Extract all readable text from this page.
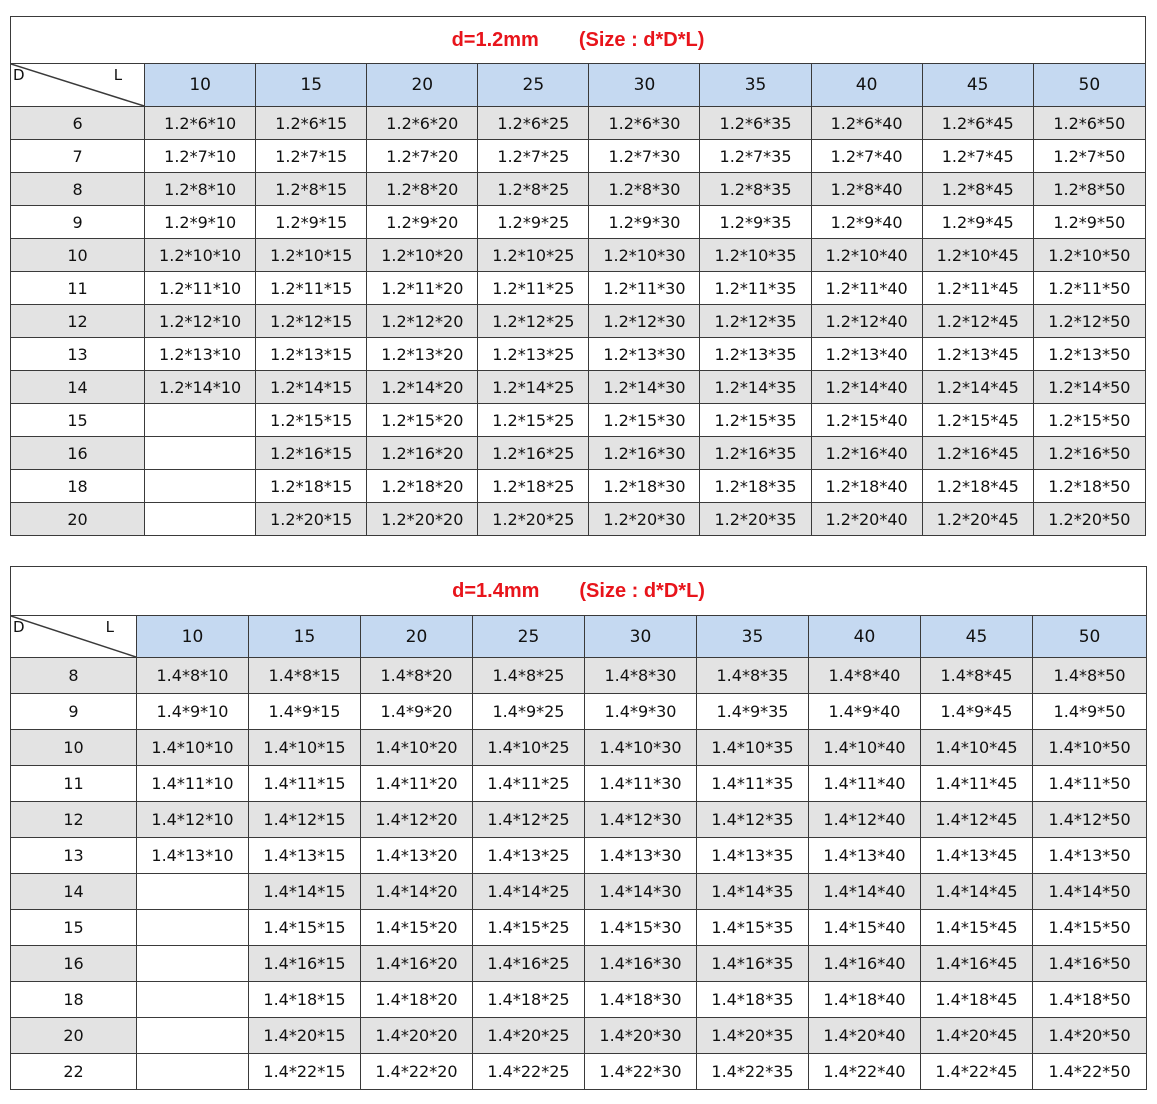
d=1.2mm (Size : d*D*L)									

D L	10	15	20	25	30	35	40	45	50
6	1.2*6*10	1.2*6*15	1.2*6*20	1.2*6*25	1.2*6*30	1.2*6*35	1.2*6*40	1.2*6*45	1.2*6*50
7	1.2*7*10	1.2*7*15	1.2*7*20	1.2*7*25	1.2*7*30	1.2*7*35	1.2*7*40	1.2*7*45	1.2*7*50
8	1.2*8*10	1.2*8*15	1.2*8*20	1.2*8*25	1.2*8*30	1.2*8*35	1.2*8*40	1.2*8*45	1.2*8*50
9	1.2*9*10	1.2*9*15	1.2*9*20	1.2*9*25	1.2*9*30	1.2*9*35	1.2*9*40	1.2*9*45	1.2*9*50
10	1.2*10*10	1.2*10*15	1.2*10*20	1.2*10*25	1.2*10*30	1.2*10*35	1.2*10*40	1.2*10*45	1.2*10*50
11	1.2*11*10	1.2*11*15	1.2*11*20	1.2*11*25	1.2*11*30	1.2*11*35	1.2*11*40	1.2*11*45	1.2*11*50
12	1.2*12*10	1.2*12*15	1.2*12*20	1.2*12*25	1.2*12*30	1.2*12*35	1.2*12*40	1.2*12*45	1.2*12*50
13	1.2*13*10	1.2*13*15	1.2*13*20	1.2*13*25	1.2*13*30	1.2*13*35	1.2*13*40	1.2*13*45	1.2*13*50
14	1.2*14*10	1.2*14*15	1.2*14*20	1.2*14*25	1.2*14*30	1.2*14*35	1.2*14*40	1.2*14*45	1.2*14*50
15		1.2*15*15	1.2*15*20	1.2*15*25	1.2*15*30	1.2*15*35	1.2*15*40	1.2*15*45	1.2*15*50
16		1.2*16*15	1.2*16*20	1.2*16*25	1.2*16*30	1.2*16*35	1.2*16*40	1.2*16*45	1.2*16*50
18		1.2*18*15	1.2*18*20	1.2*18*25	1.2*18*30	1.2*18*35	1.2*18*40	1.2*18*45	1.2*18*50
20		1.2*20*15	1.2*20*20	1.2*20*25	1.2*20*30	1.2*20*35	1.2*20*40	1.2*20*45	1.2*20*50
d=1.4mm (Size : d*D*L)									

D L	10	15	20	25	30	35	40	45	50
8	1.4*8*10	1.4*8*15	1.4*8*20	1.4*8*25	1.4*8*30	1.4*8*35	1.4*8*40	1.4*8*45	1.4*8*50
9	1.4*9*10	1.4*9*15	1.4*9*20	1.4*9*25	1.4*9*30	1.4*9*35	1.4*9*40	1.4*9*45	1.4*9*50
10	1.4*10*10	1.4*10*15	1.4*10*20	1.4*10*25	1.4*10*30	1.4*10*35	1.4*10*40	1.4*10*45	1.4*10*50
11	1.4*11*10	1.4*11*15	1.4*11*20	1.4*11*25	1.4*11*30	1.4*11*35	1.4*11*40	1.4*11*45	1.4*11*50
12	1.4*12*10	1.4*12*15	1.4*12*20	1.4*12*25	1.4*12*30	1.4*12*35	1.4*12*40	1.4*12*45	1.4*12*50
13	1.4*13*10	1.4*13*15	1.4*13*20	1.4*13*25	1.4*13*30	1.4*13*35	1.4*13*40	1.4*13*45	1.4*13*50
14		1.4*14*15	1.4*14*20	1.4*14*25	1.4*14*30	1.4*14*35	1.4*14*40	1.4*14*45	1.4*14*50
15		1.4*15*15	1.4*15*20	1.4*15*25	1.4*15*30	1.4*15*35	1.4*15*40	1.4*15*45	1.4*15*50
16		1.4*16*15	1.4*16*20	1.4*16*25	1.4*16*30	1.4*16*35	1.4*16*40	1.4*16*45	1.4*16*50
18		1.4*18*15	1.4*18*20	1.4*18*25	1.4*18*30	1.4*18*35	1.4*18*40	1.4*18*45	1.4*18*50
20		1.4*20*15	1.4*20*20	1.4*20*25	1.4*20*30	1.4*20*35	1.4*20*40	1.4*20*45	1.4*20*50
22		1.4*22*15	1.4*22*20	1.4*22*25	1.4*22*30	1.4*22*35	1.4*22*40	1.4*22*45	1.4*22*50
